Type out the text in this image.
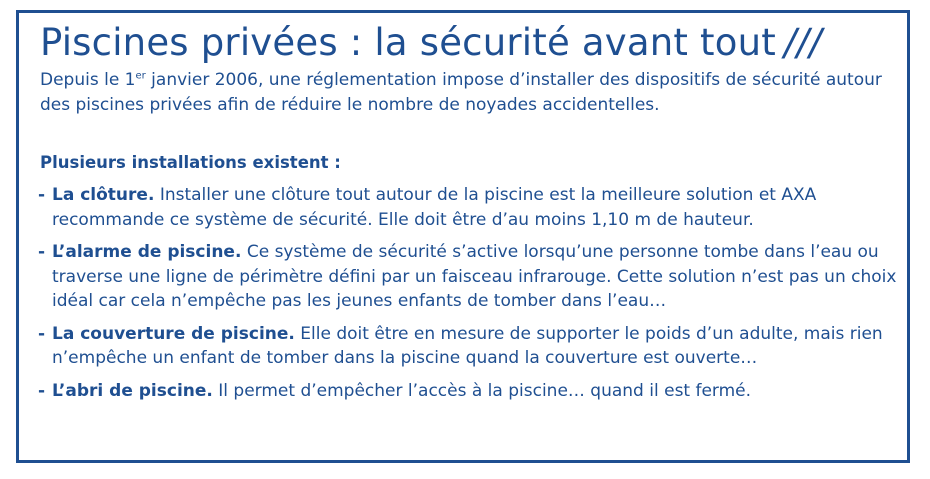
Piscines privées : la sécurité avant tout ///

Depuis le 1er janvier 2006, une réglementation impose d’installer des dispositifs de sécurité autour des piscines privées afin de réduire le nombre de noyades accidentelles.

Plusieurs installations existent :

- La clôture. Installer une clôture tout autour de la piscine est la meilleure solution et AXA recommande ce système de sécurité. Elle doit être d’au moins 1,10 m de hauteur.
- L’alarme de piscine. Ce système de sécurité s’active lorsqu’une personne tombe dans l’eau ou traverse une ligne de périmètre défini par un faisceau infrarouge. Cette solution n’est pas un choix idéal car cela n’empêche pas les jeunes enfants de tomber dans l’eau…
- La couverture de piscine. Elle doit être en mesure de supporter le poids d’un adulte, mais rien n’empêche un enfant de tomber dans la piscine quand la couverture est ouverte…
- L’abri de piscine. Il permet d’empêcher l’accès à la piscine… quand il est fermé.
